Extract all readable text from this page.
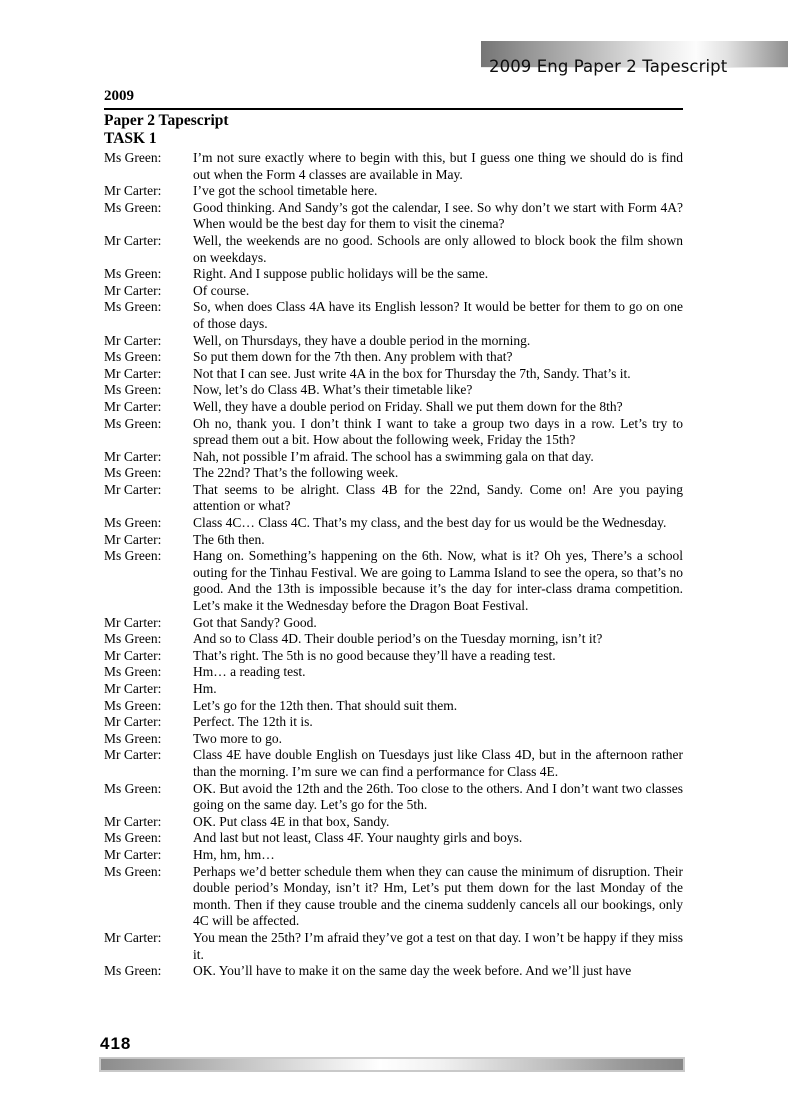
2009 Eng Paper 2 Tapescript

2009

Paper 2 Tapescript

TASK 1

Ms Green:	I’m not sure exactly where to begin with this, but I guess one thing we should do is find out when the Form 4 classes are available in May.
Mr Carter:	I’ve got the school timetable here.
Ms Green:	Good thinking. And Sandy’s got the calendar, I see. So why don’t we start with Form 4A? When would be the best day for them to visit the cinema?
Mr Carter:	Well, the weekends are no good. Schools are only allowed to block book the film shown on weekdays.
Ms Green:	Right. And I suppose public holidays will be the same.
Mr Carter:	Of course.
Ms Green:	So, when does Class 4A have its English lesson? It would be better for them to go on one of those days.
Mr Carter:	Well, on Thursdays, they have a double period in the morning.
Ms Green:	So put them down for the 7th then. Any problem with that?
Mr Carter:	Not that I can see. Just write 4A in the box for Thursday the 7th, Sandy. That’s it.
Ms Green:	Now, let’s do Class 4B. What’s their timetable like?
Mr Carter:	Well, they have a double period on Friday. Shall we put them down for the 8th?
Ms Green:	Oh no, thank you. I don’t think I want to take a group two days in a row. Let’s try to spread them out a bit. How about the following week, Friday the 15th?
Mr Carter:	Nah, not possible I’m afraid. The school has a swimming gala on that day.
Ms Green:	The 22nd? That’s the following week.
Mr Carter:	That seems to be alright. Class 4B for the 22nd, Sandy. Come on! Are you paying attention or what?
Ms Green:	Class 4C… Class 4C. That’s my class, and the best day for us would be the Wednesday.
Mr Carter:	The 6th then.
Ms Green:	Hang on. Something’s happening on the 6th. Now, what is it? Oh yes, There’s a school outing for the Tinhau Festival. We are going to Lamma Island to see the opera, so that’s no good. And the 13th is impossible because it’s the day for inter-class drama competition. Let’s make it the Wednesday before the Dragon Boat Festival.
Mr Carter:	Got that Sandy? Good.
Ms Green:	And so to Class 4D. Their double period’s on the Tuesday morning, isn’t it?
Mr Carter:	That’s right. The 5th is no good because they’ll have a reading test.
Ms Green:	Hm… a reading test.
Mr Carter:	Hm.
Ms Green:	Let’s go for the 12th then. That should suit them.
Mr Carter:	Perfect. The 12th it is.
Ms Green:	Two more to go.
Mr Carter:	Class 4E have double English on Tuesdays just like Class 4D, but in the afternoon rather than the morning. I’m sure we can find a performance for Class 4E.
Ms Green:	OK. But avoid the 12th and the 26th. Too close to the others. And I don’t want two classes going on the same day. Let’s go for the 5th.
Mr Carter:	OK. Put class 4E in that box, Sandy.
Ms Green:	And last but not least, Class 4F. Your naughty girls and boys.
Mr Carter:	Hm, hm, hm…
Ms Green:	Perhaps we’d better schedule them when they can cause the minimum of disruption. Their double period’s Monday, isn’t it? Hm, Let’s put them down for the last Monday of the month. Then if they cause trouble and the cinema suddenly cancels all our bookings, only 4C will be affected.
Mr Carter:	You mean the 25th? I’m afraid they’ve got a test on that day. I won’t be happy if they miss it.
Ms Green:	OK. You’ll have to make it on the same day the week before. And we’ll just have
418
